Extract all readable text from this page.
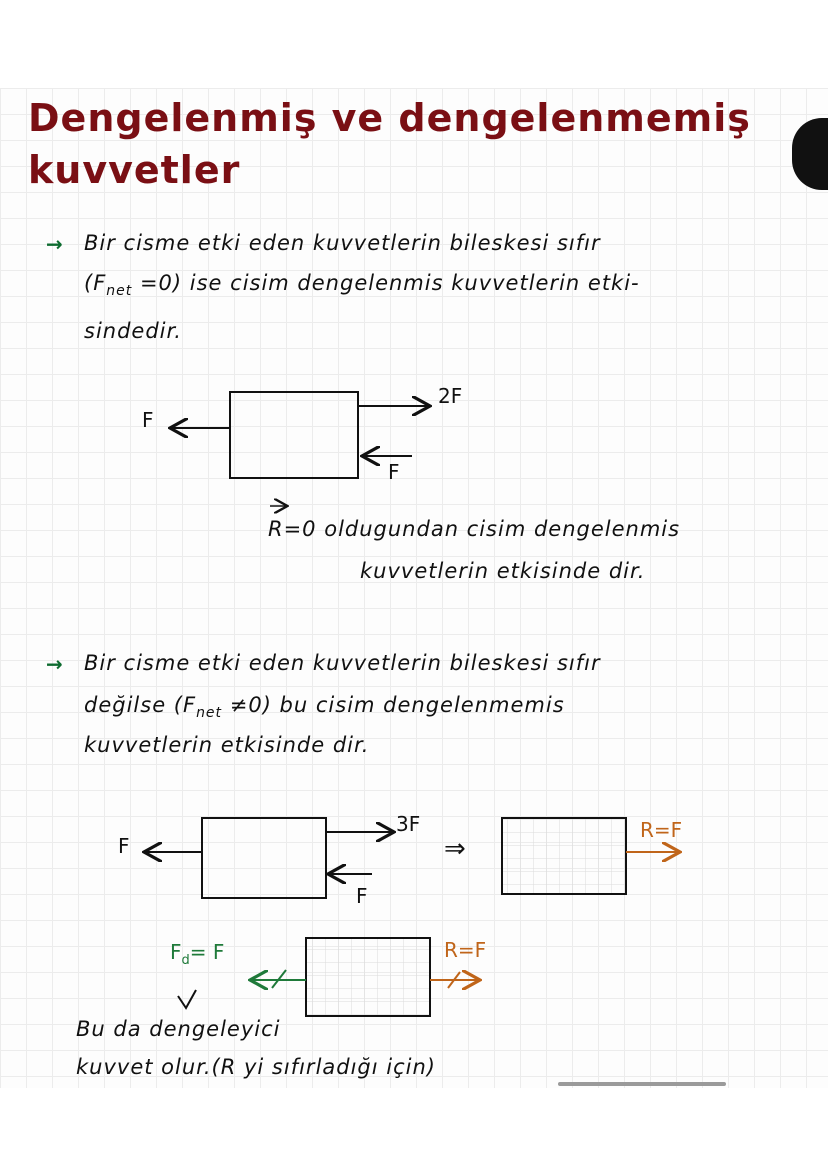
Dengelenmiş ve dengelenmemiş
kuvvetler
→ Bir cisme etki eden kuvvetlerin bileskesi sıfır
$(F_{net} =0)$ ise cisim dengelenmis kuvvetlerin etki-
sindedir.
F
2F
F
R=0 oldugundan cisim dengelenmis
kuvvetlerin etkisinde dir.
→ Bir cisme etki eden kuvvetlerin bileskesi sıfır
değilse $(F_{net} \ne 0)$ bu cisim dengelenmemis
kuvvetlerin etkisinde dir.
F
3F
F
⇒
R=F
$F_d= F$	R=F
Bu da dengeleyici
kuvvet olur.(R yi sıfırladığı için)
